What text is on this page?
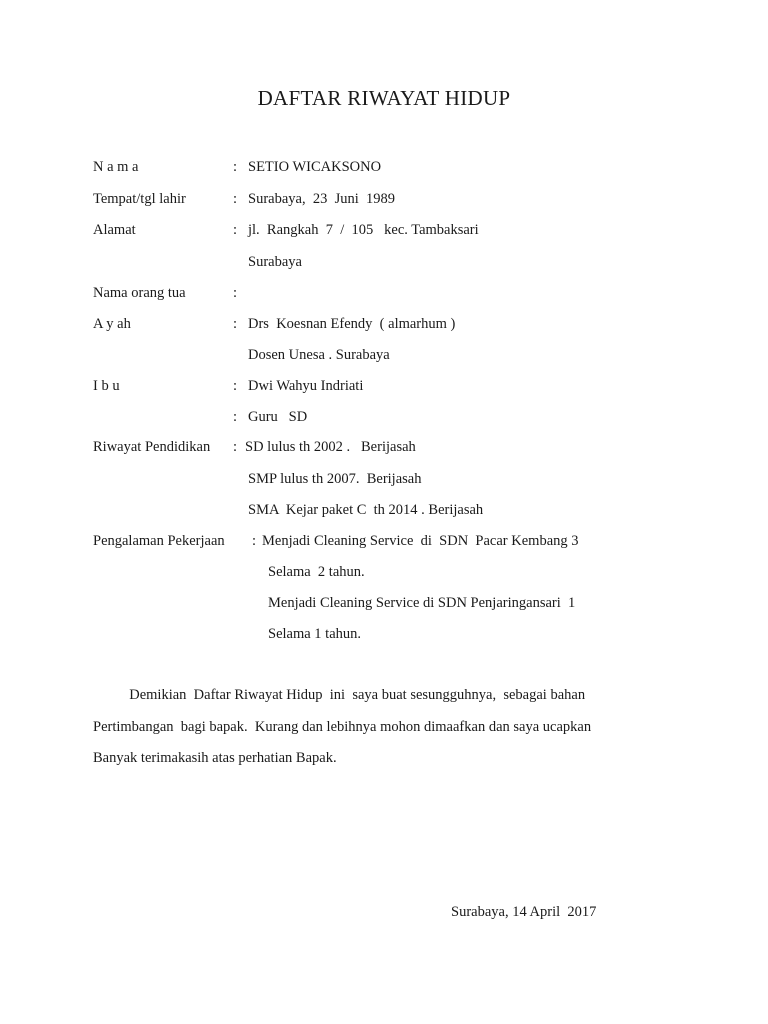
DAFTAR RIWAYAT HIDUP
N a m a	: SETIO WICAKSONO
Tempat/tgl lahir	: Surabaya,  23  Juni  1989
Alamat	: jl.  Rangkah  7  /  105   kec. Tambaksari
Surabaya
Nama orang tua	:
A y ah	: Drs  Koesnan Efendy  ( almarhum )
Dosen Unesa . Surabaya
I b u	: Dwi Wahyu Indriati
: Guru   SD
Riwayat Pendidikan : SD lulus th 2002 .   Berijasah
SMP lulus th 2007.  Berijasah
SMA  Kejar paket C  th 2014 . Berijasah
Pengalaman Pekerjaan : Menjadi Cleaning Service  di  SDN  Pacar Kembang 3
Selama  2 tahun.
Menjadi Cleaning Service di SDN Penjaringansari  1
Selama 1 tahun.
Demikian  Daftar Riwayat Hidup  ini  saya buat sesungguhnya,  sebagai bahan
Pertimbangan  bagi bapak.  Kurang dan lebihnya mohon dimaafkan dan saya ucapkan
Banyak terimakasih atas perhatian Bapak.
Surabaya, 14 April  2017
